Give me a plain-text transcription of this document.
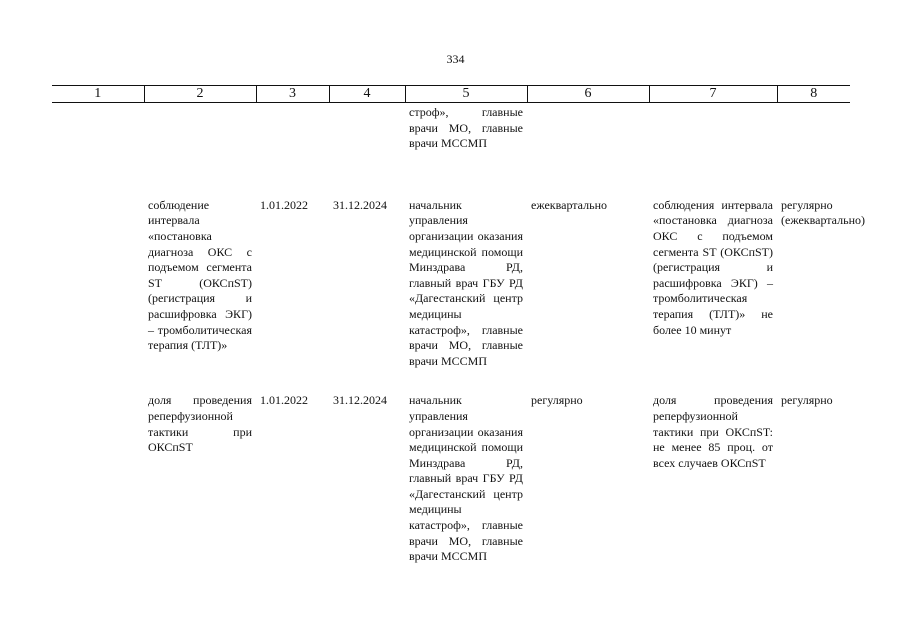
334
1	2	3	4	5	6	7	8
				строф», главные врачи МО, главные врачи МССМП			

	соблюдение интервала «постановка диагноза ОКС с подъемом сегмента ST (ОКСпST) (регистрация и расшифровка ЭКГ) – тромболитическая терапия (ТЛТ)»	1.01.2022	31.12.2024	начальник управления организации оказания медицинской помощи Минздрава РД, главный врач ГБУ РД «Дагестанский центр медицины катастроф», главные врачи МО, главные врачи МССМП	ежеквартально	соблюдения интервала «постановка диагноза ОКС с подъемом сегмента ST (ОКСпST) (регистрация и расшифровка ЭКГ) – тромболитическая терапия (ТЛТ)» не более 10 минут	регулярно (ежеквартально)

	доля проведения реперфузионной тактики при ОКСпST	1.01.2022	31.12.2024	начальник управления организации оказания медицинской помощи Минздрава РД, главный врач ГБУ РД «Дагестанский центр медицины катастроф», главные врачи МО, главные врачи МССМП	регулярно	доля проведения реперфузионной тактики при ОКСпST: не менее 85 проц. от всех случаев ОКСпST	регулярно
